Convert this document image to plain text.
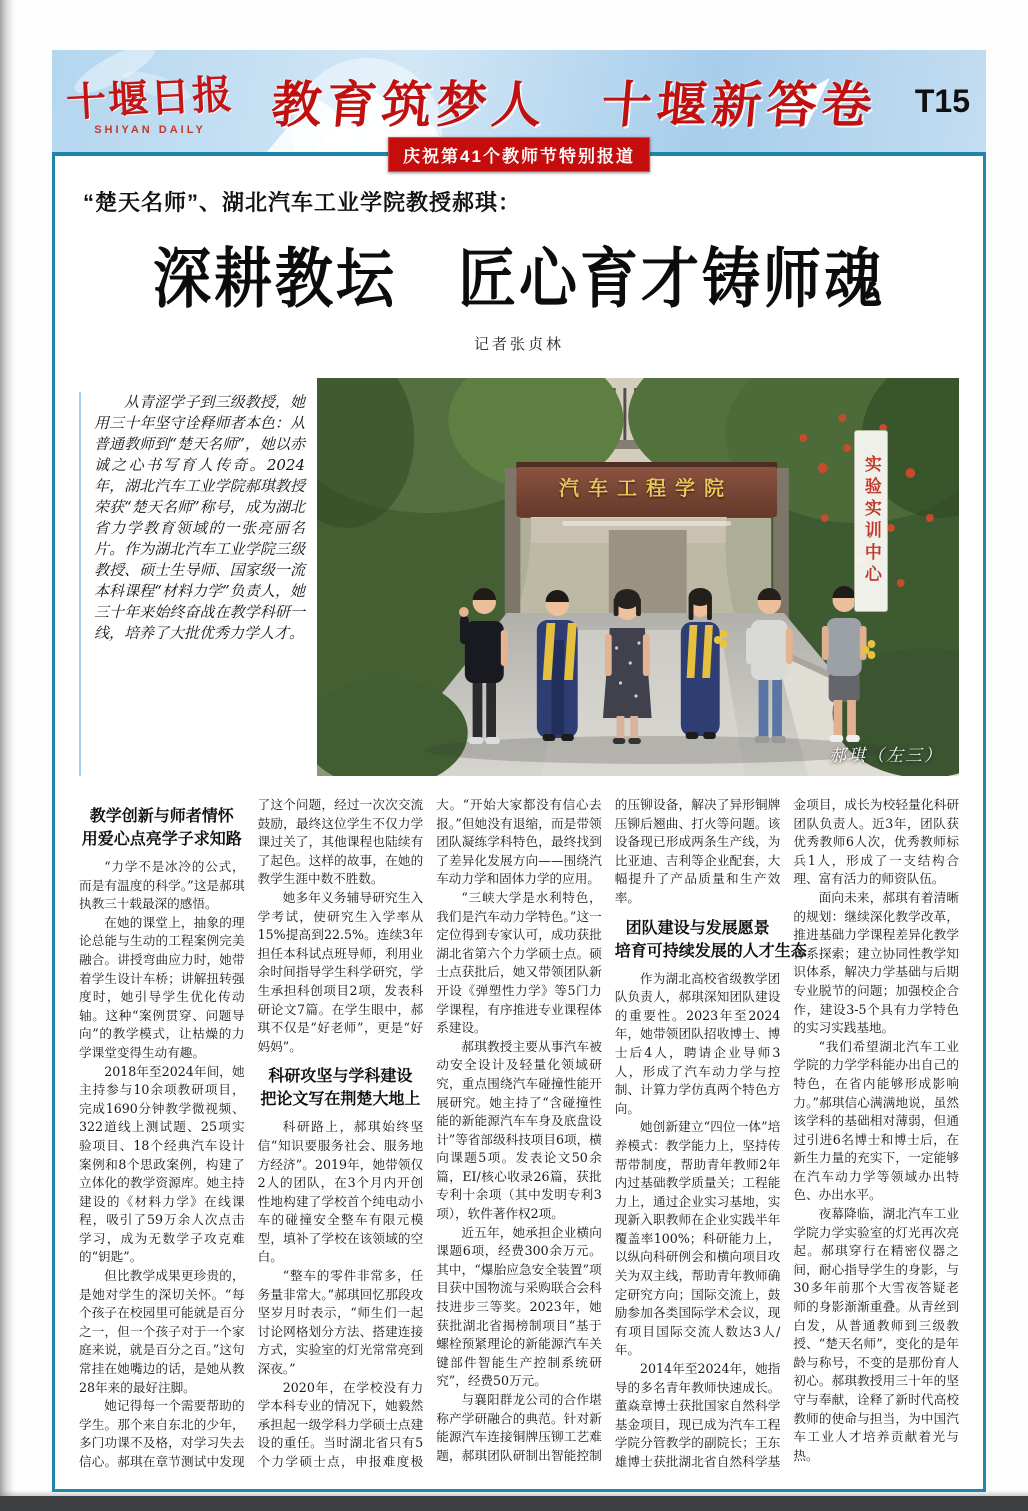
十堰日报
SHIYAN DAILY	教育筑梦人　十堰新答卷	T15
庆祝第41个教师节特别报道
“楚天名师”、湖北汽车工业学院教授郝琪：
深耕教坛　匠心育才铸师魂
记者张贞林
从青涩学子到三级教授，她用三十年坚守诠释师者本色：从普通教师到“楚天名师”，她以赤诚之心书写育人传奇。2024年，湖北汽车工业学院郝琪教授荣获“楚天名师”称号，成为湖北省力学教育领域的一张亮丽名片。作为湖北汽车工业学院三级教授、硕士生导师、国家级一流本科课程“材料力学”负责人，她三十年来始终奋战在教学科研一线，培养了大批优秀力学人才。
汽车工程学院	实验实训中心
郝琪（左三）
教学创新与师者情怀
用爱心点亮学子求知路

“力学不是冰冷的公式，而是有温度的科学。”这是郝琪执教三十载最深的感悟。

在她的课堂上，抽象的理论总能与生动的工程案例完美融合。讲授弯曲应力时，她带着学生设计车桥；讲解扭转强度时，她引导学生优化传动轴。这种“案例贯穿、问题导向”的教学模式，让枯燥的力学课堂变得生动有趣。

2018年至2024年间，她主持参与10余项教研项目，完成1690分钟教学微视频、322道线上测试题、25项实验项目、18个经典汽车设计案例和8个思政案例，构建了立体化的教学资源库。她主持建设的《材料力学》在线课程，吸引了59万余人次点击学习，成为无数学子攻克难的“钥匙”。

但比教学成果更珍贵的，是她对学生的深切关怀。“每个孩子在校园里可能就是百分之一，但一个孩子对于一个家庭来说，就是百分之百。”这句常挂在她嘴边的话，是她从教28年来的最好注脚。

她记得每一个需要帮助的学生。那个来自东北的少年，多门功课不及格，对学习失去信心。郝琪在章节测试中发现了这个问题，经过一次次交流鼓励，最终这位学生不仅力学课过关了，其他课程也陆续有了起色。这样的故事，在她的教学生涯中数不胜数。

她多年义务辅导研究生入学考试，使研究生入学率从15%提高到22.5%。连续3年担任本科试点班导师，利用业余时间指导学生科学研究，学生承担科创项目2项，发表科研论文7篇。在学生眼中，郝琪不仅是“好老师”，更是“好妈妈”。

科研攻坚与学科建设
把论文写在荆楚大地上

科研路上，郝琪始终坚信“知识要服务社会、服务地方经济”。2019年，她带领仅2人的团队，在3个月内开创性地构建了学校首个纯电动小车的碰撞安全整车有限元模型，填补了学校在该领域的空白。

“整车的零件非常多，任务量非常大。”郝琪回忆那段攻坚岁月时表示，“师生们一起讨论网格划分方法、搭建连接方式，实验室的灯光常常亮到深夜。”

2020年，在学校没有力学本科专业的情况下，她毅然承担起一级学科力学硕士点建设的重任。当时湖北省只有5个力学硕士点，申报难度极大。“开始大家都没有信心去报。”但她没有退缩，而是带领团队凝练学科特色，最终找到了差异化发展方向——围绕汽车动力学和固体力学的应用。

“三峡大学是水利特色，我们是汽车动力学特色。”这一定位得到专家认可，成功获批湖北省第六个力学硕士点。硕士点获批后，她又带领团队新开设《弹塑性力学》等5门力学课程，有序推进专业课程体系建设。

郝琪教授主要从事汽车被动安全设计及轻量化领域研究，重点围绕汽车碰撞性能开展研究。她主持了“含碰撞性能的新能源汽车车身及底盘设计”等省部级科技项目6项，横向课题5项。发表论文50余篇，EI/核心收录26篇，获批专利十余项（其中发明专利3项），软件著作权2项。

近五年，她承担企业横向课题6项，经费300余万元。其中，“爆胎应急安全装置”项目获中国物流与采购联合会科技进步三等奖。2023年，她获批湖北省揭榜制项目“基于螺栓预紧理论的新能源汽车关键部件智能生产控制系统研究”，经费50万元。

与襄阳群龙公司的合作堪称产学研融合的典范。针对新能源汽车连接铜牌压铆工艺难题，郝琪团队研制出智能控制的压铆设备，解决了异形铜牌压铆后翘曲、打火等问题。该设备现已形成两条生产线，为比亚迪、吉利等企业配套，大幅提升了产品质量和生产效率。

团队建设与发展愿景
培育可持续发展的人才生态

作为湖北高校省级教学团队负责人，郝琪深知团队建设的重要性。2023年至2024年，她带领团队招收博士、博士后4人，聘请企业导师3人，形成了汽车动力学与控制、计算力学仿真两个特色方向。

她创新建立“四位一体”培养模式：教学能力上，坚持传帮带制度，帮助青年教师2年内过基础教学质量关；工程能力上，通过企业实习基地，实现新入职教师在企业实践半年覆盖率100%；科研能力上，以纵向科研例会和横向项目攻关为双主线，帮助青年教师确定研究方向；国际交流上，鼓励参加各类国际学术会议，现有项目国际交流人数达3人/年。

2014年至2024年，她指导的多名青年教师快速成长。董焱章博士获批国家自然科学基金项目，现已成为汽车工程学院分管教学的副院长；王东雄博士获批湖北省自然科学基金项目，成长为校轻量化科研团队负责人。近3年，团队获优秀教师6人次，优秀教师标兵1人，形成了一支结构合理、富有活力的师资队伍。

面向未来，郝琪有着清晰的规划：继续深化教学改革，推进基础力学课程差异化教学体系探索；建立协同性教学知识体系，解决力学基础与后期专业脱节的问题；加强校企合作，建设3-5个具有力学特色的实习实践基地。

“我们希望湖北汽车工业学院的力学学科能办出自己的特色，在省内能够形成影响力。”郝琪信心满满地说，虽然该学科的基础相对薄弱，但通过引进6名博士和博士后，在新生力量的充实下，一定能够在汽车动力学等领域办出特色、办出水平。

夜幕降临，湖北汽车工业学院力学实验室的灯光再次亮起。郝琪穿行在精密仪器之间，耐心指导学生的身影，与30多年前那个大雪夜答疑老师的身影渐渐重叠。从青丝到白发，从普通教师到三级教授、“楚天名师”，变化的是年龄与称号，不变的是那份育人初心。郝琪教授用三十年的坚守与奉献，诠释了新时代高校教师的使命与担当，为中国汽车工业人才培养贡献着光与热。
